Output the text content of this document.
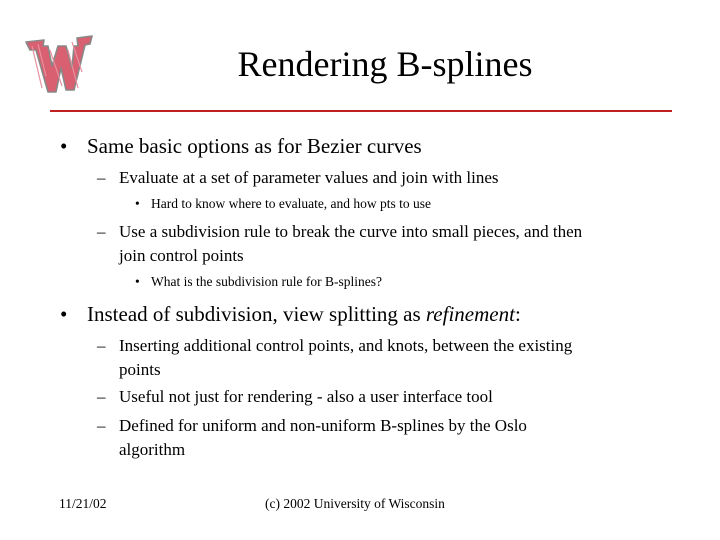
Rendering B-splines
• Same basic options as for Bezier curves
– Evaluate at a set of parameter values and join with lines
• Hard to know where to evaluate, and how pts to use
– Use a subdivision rule to break the curve into small pieces, and then
join control points
• What is the subdivision rule for B-splines?
• Instead of subdivision, view splitting as refinement:
– Inserting additional control points, and knots, between the existing
points
– Useful not just for rendering - also a user interface tool
– Defined for uniform and non-uniform B-splines by the Oslo
algorithm
11/21/02	(c) 2002 University of Wisconsin
